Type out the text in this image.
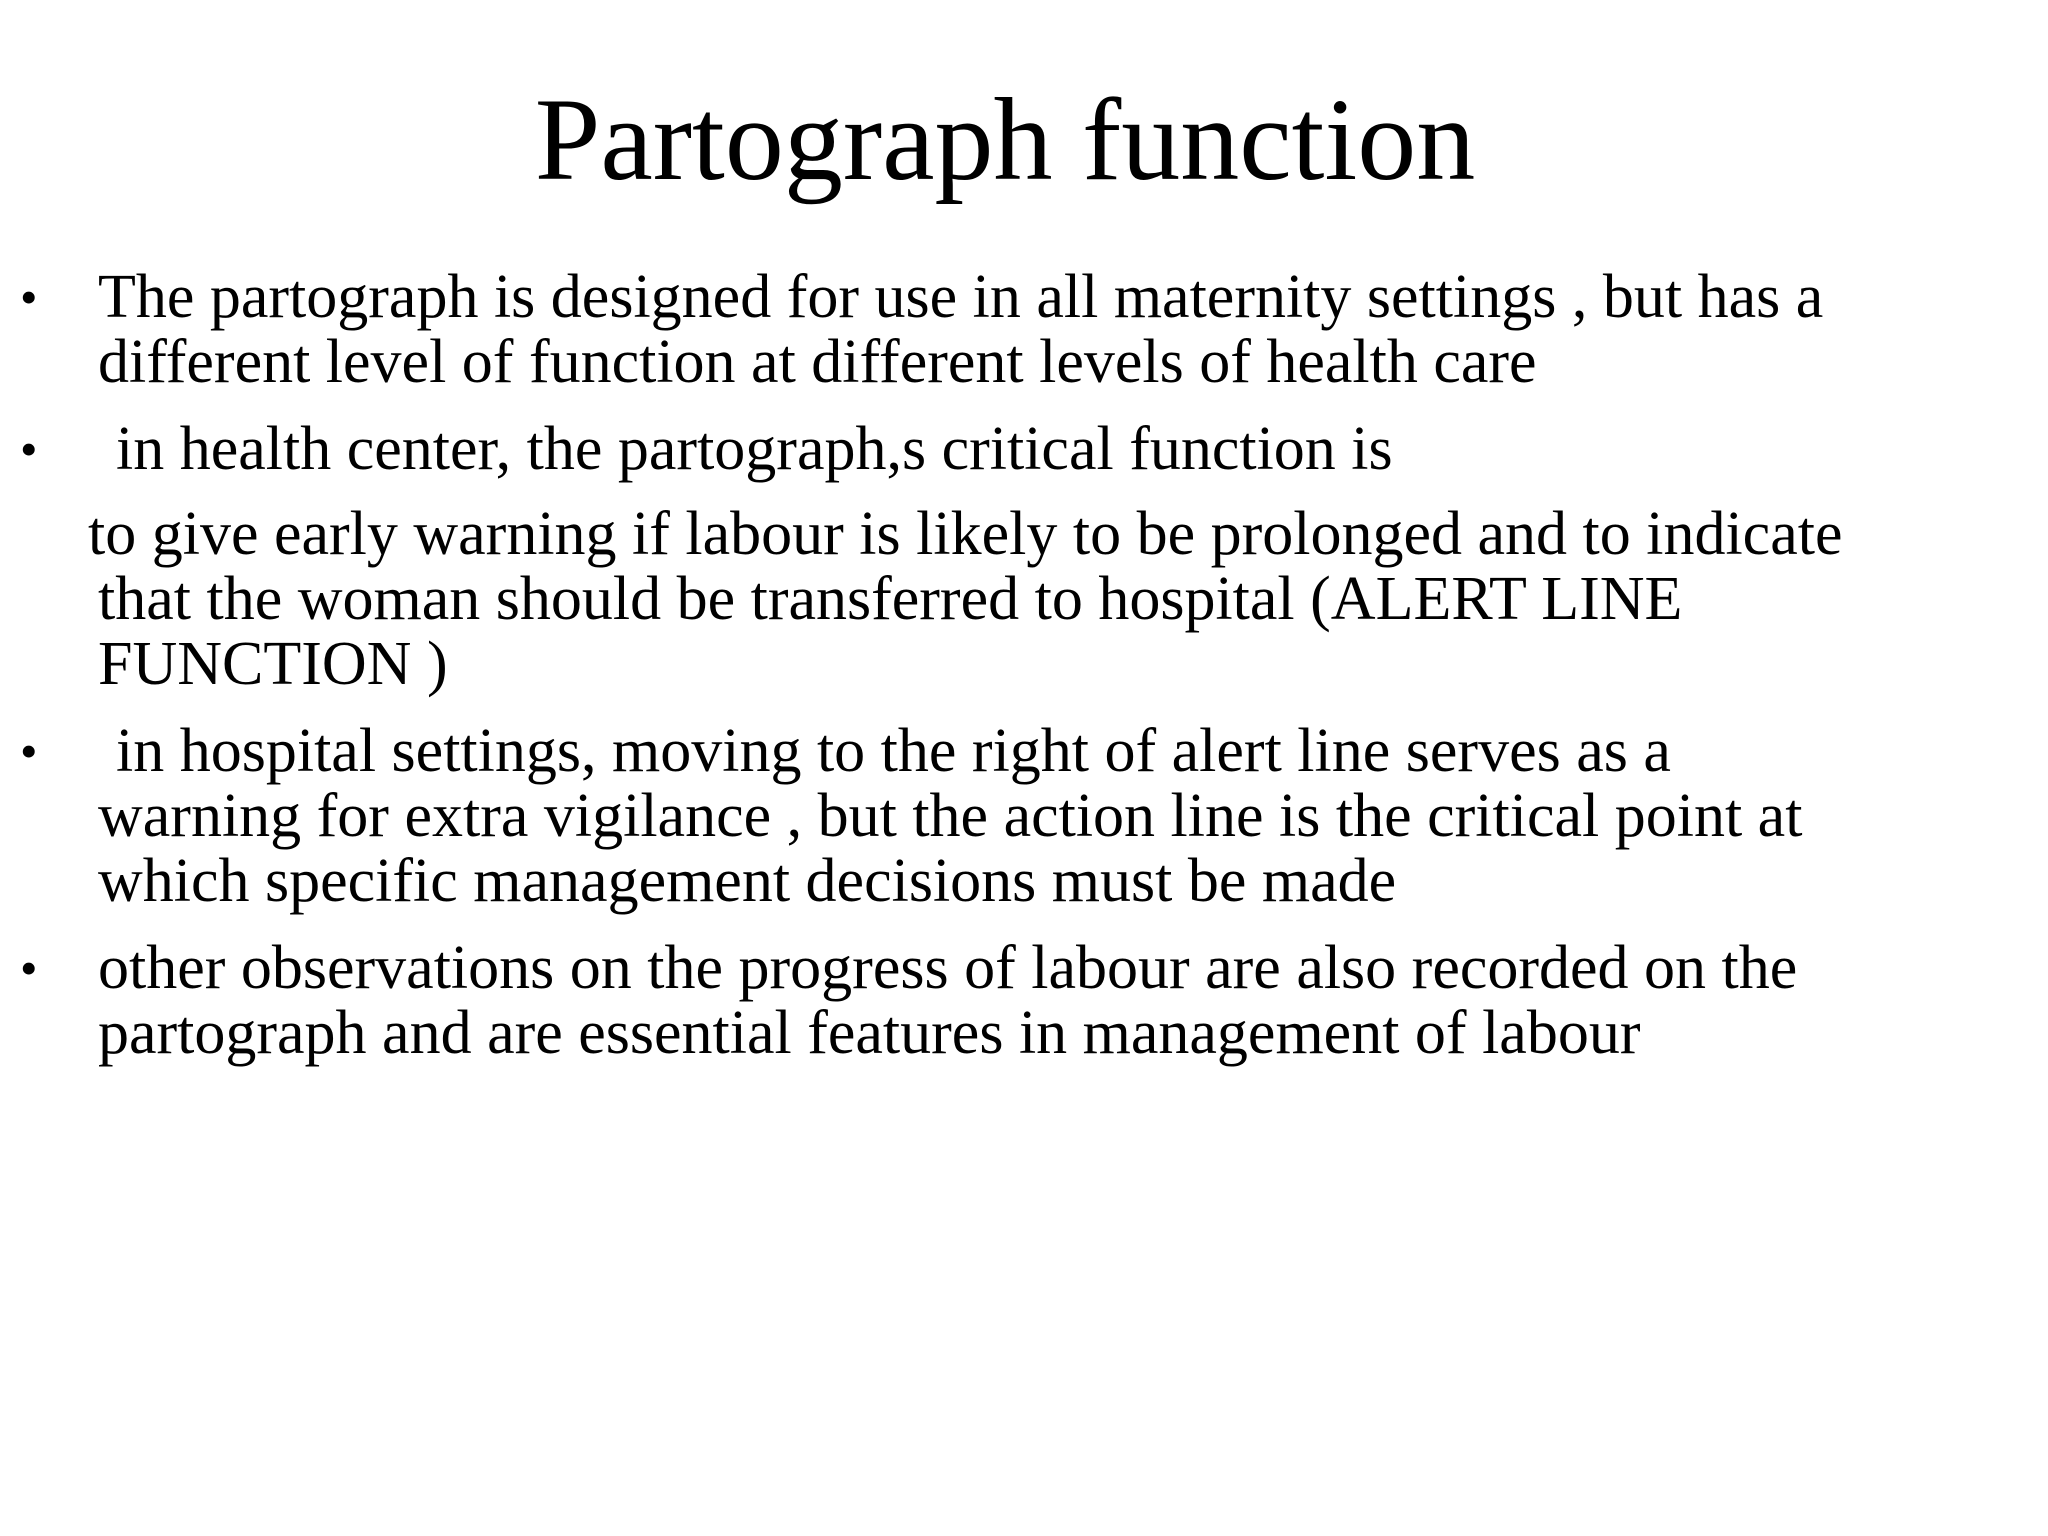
Partograph function
• The partograph is designed for use in all maternity settings , but has a
different level of function at different levels of health care
• in health center, the partograph,s critical function is
to give early warning if labour is likely to be prolonged and to indicate
that the woman should be transferred to hospital (ALERT LINE
FUNCTION )
• in hospital settings, moving to the right of alert line serves as a
warning for extra vigilance , but the action line is the critical point at
which specific management decisions must be made
• other observations on the progress of labour are also recorded on the
partograph and are essential features in management of labour
